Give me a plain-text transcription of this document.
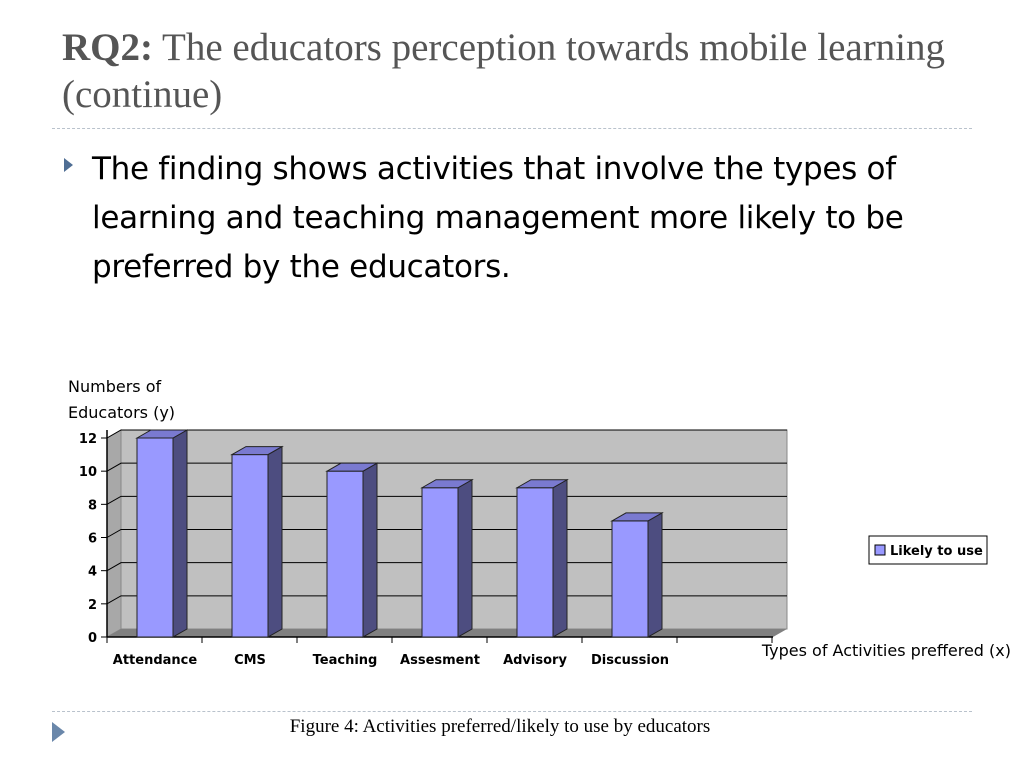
RQ2: The educators perception towards mobile learning (continue)
The finding shows activities that involve the types of learning and teaching management more likely to be preferred by the educators.
0
2
4
6
8
10
12
Attendance	CMS	Teaching Assesment Advisory Discussion
Numbers of
Educators (y)
Types of Activities preffered (x)
Likely to use
Figure 4: Activities preferred/likely to use by educators
